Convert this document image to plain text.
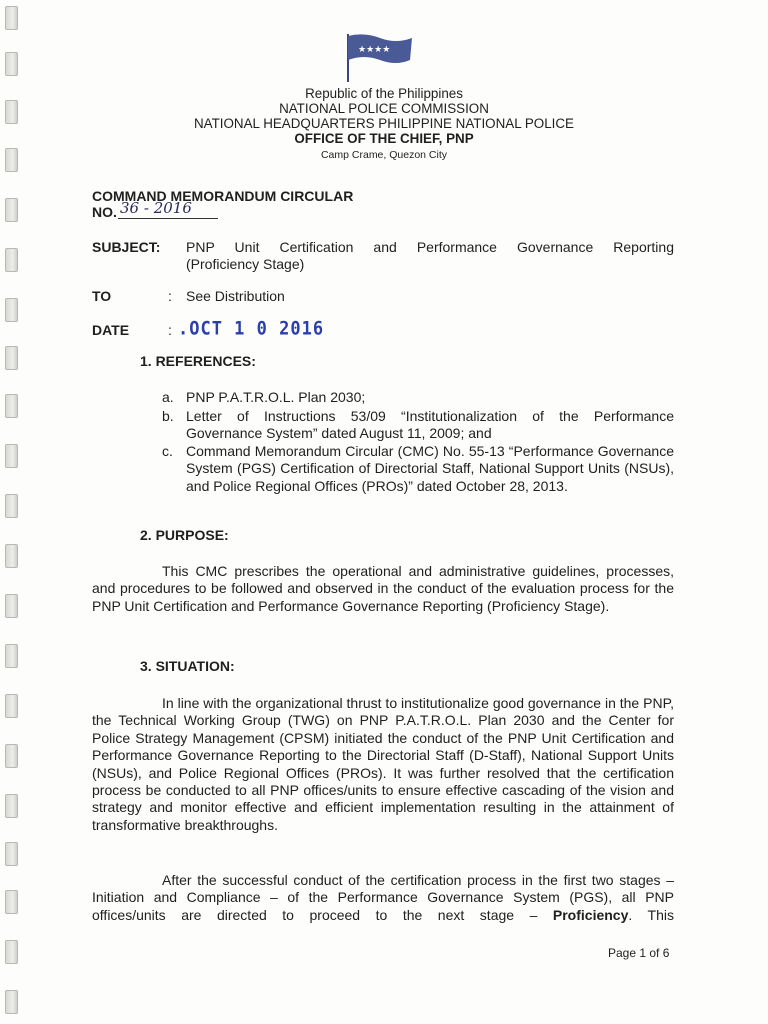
★★★★
Republic of the Philippines
NATIONAL POLICE COMMISSION
NATIONAL HEADQUARTERS PHILIPPINE NATIONAL POLICE
OFFICE OF THE CHIEF, PNP
Camp Crame, Quezon City
COMMAND MEMORANDUM CIRCULAR
NO. 36 - 2016
SUBJECT: PNP Unit Certification and Performance Governance Reporting
(Proficiency Stage)
TO	: See Distribution
DATE	: .OCT 1 0 2016
1. REFERENCES:
a. PNP P.A.T.R.O.L. Plan 2030;
b. Letter of Instructions 53/09 “Institutionalization of the Performance Governance System” dated August 11, 2009; and
c. Command Memorandum Circular (CMC) No. 55-13 “Performance Governance System (PGS) Certification of Directorial Staff, National Support Units (NSUs), and Police Regional Offices (PROs)” dated October 28, 2013.
2. PURPOSE:
This CMC prescribes the operational and administrative guidelines, processes, and procedures to be followed and observed in the conduct of the evaluation process for the PNP Unit Certification and Performance Governance Reporting (Proficiency Stage).
3. SITUATION:
In line with the organizational thrust to institutionalize good governance in the PNP, the Technical Working Group (TWG) on PNP P.A.T.R.O.L. Plan 2030 and the Center for Police Strategy Management (CPSM) initiated the conduct of the PNP Unit Certification and Performance Governance Reporting to the Directorial Staff (D-Staff), National Support Units (NSUs), and Police Regional Offices (PROs). It was further resolved that the certification process be conducted to all PNP offices/units to ensure effective cascading of the vision and strategy and monitor effective and efficient implementation resulting in the attainment of transformative breakthroughs.
After the successful conduct of the certification process in the first two stages – Initiation and Compliance – of the Performance Governance System (PGS), all PNP offices/units are directed to proceed to the next stage – Proficiency. This
Page 1 of 6
